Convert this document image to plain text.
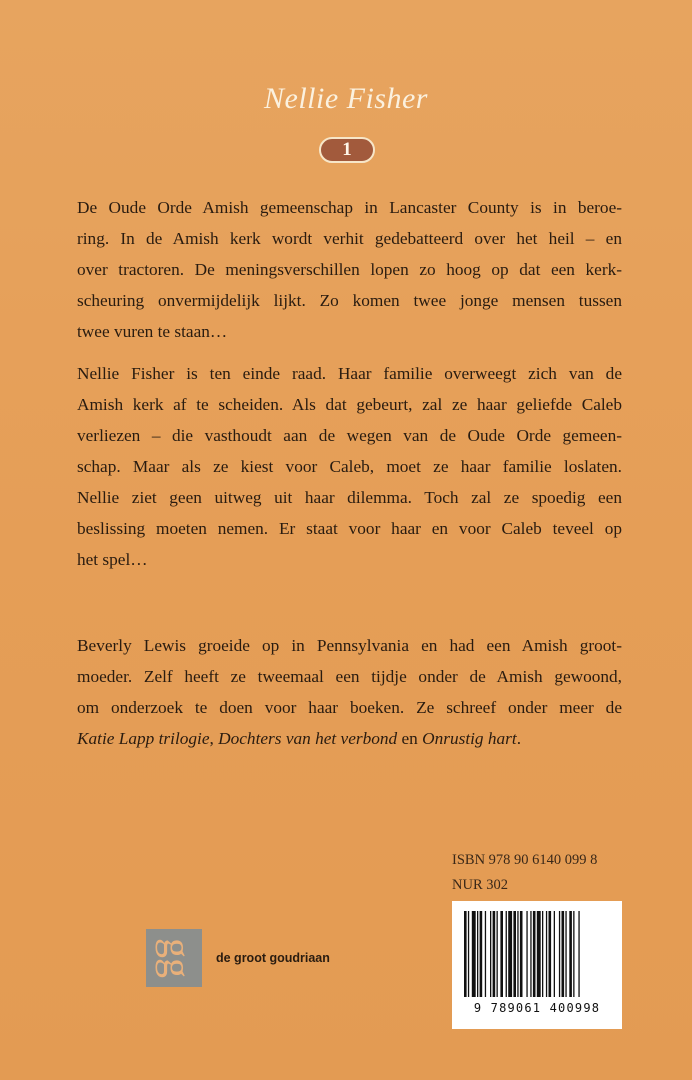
Nellie Fisher
1
De Oude Orde Amish gemeenschap in Lancaster County is in beroe-
ring. In de Amish kerk wordt verhit gedebatteerd over het heil – en
over tractoren. De meningsverschillen lopen zo hoog op dat een kerk-
scheuring onvermijdelijk lijkt. Zo komen twee jonge mensen tussen
twee vuren te staan…
Nellie Fisher is ten einde raad. Haar familie overweegt zich van de
Amish kerk af te scheiden. Als dat gebeurt, zal ze haar geliefde Caleb
verliezen – die vasthoudt aan de wegen van de Oude Orde gemeen-
schap. Maar als ze kiest voor Caleb, moet ze haar familie loslaten.
Nellie ziet geen uitweg uit haar dilemma. Toch zal ze spoedig een
beslissing moeten nemen. Er staat voor haar en voor Caleb teveel op
het spel…
Beverly Lewis groeide op in Pennsylvania en had een Amish groot-
moeder. Zelf heeft ze tweemaal een tijdje onder de Amish gewoond,
om onderzoek te doen voor haar boeken. Ze schreef onder meer de
Katie Lapp trilogie, Dochters van het verbond en Onrustig hart.
ISBN 978 90 6140 099 8
NUR 302
gg de groot goudriaan
9 789061 400998
